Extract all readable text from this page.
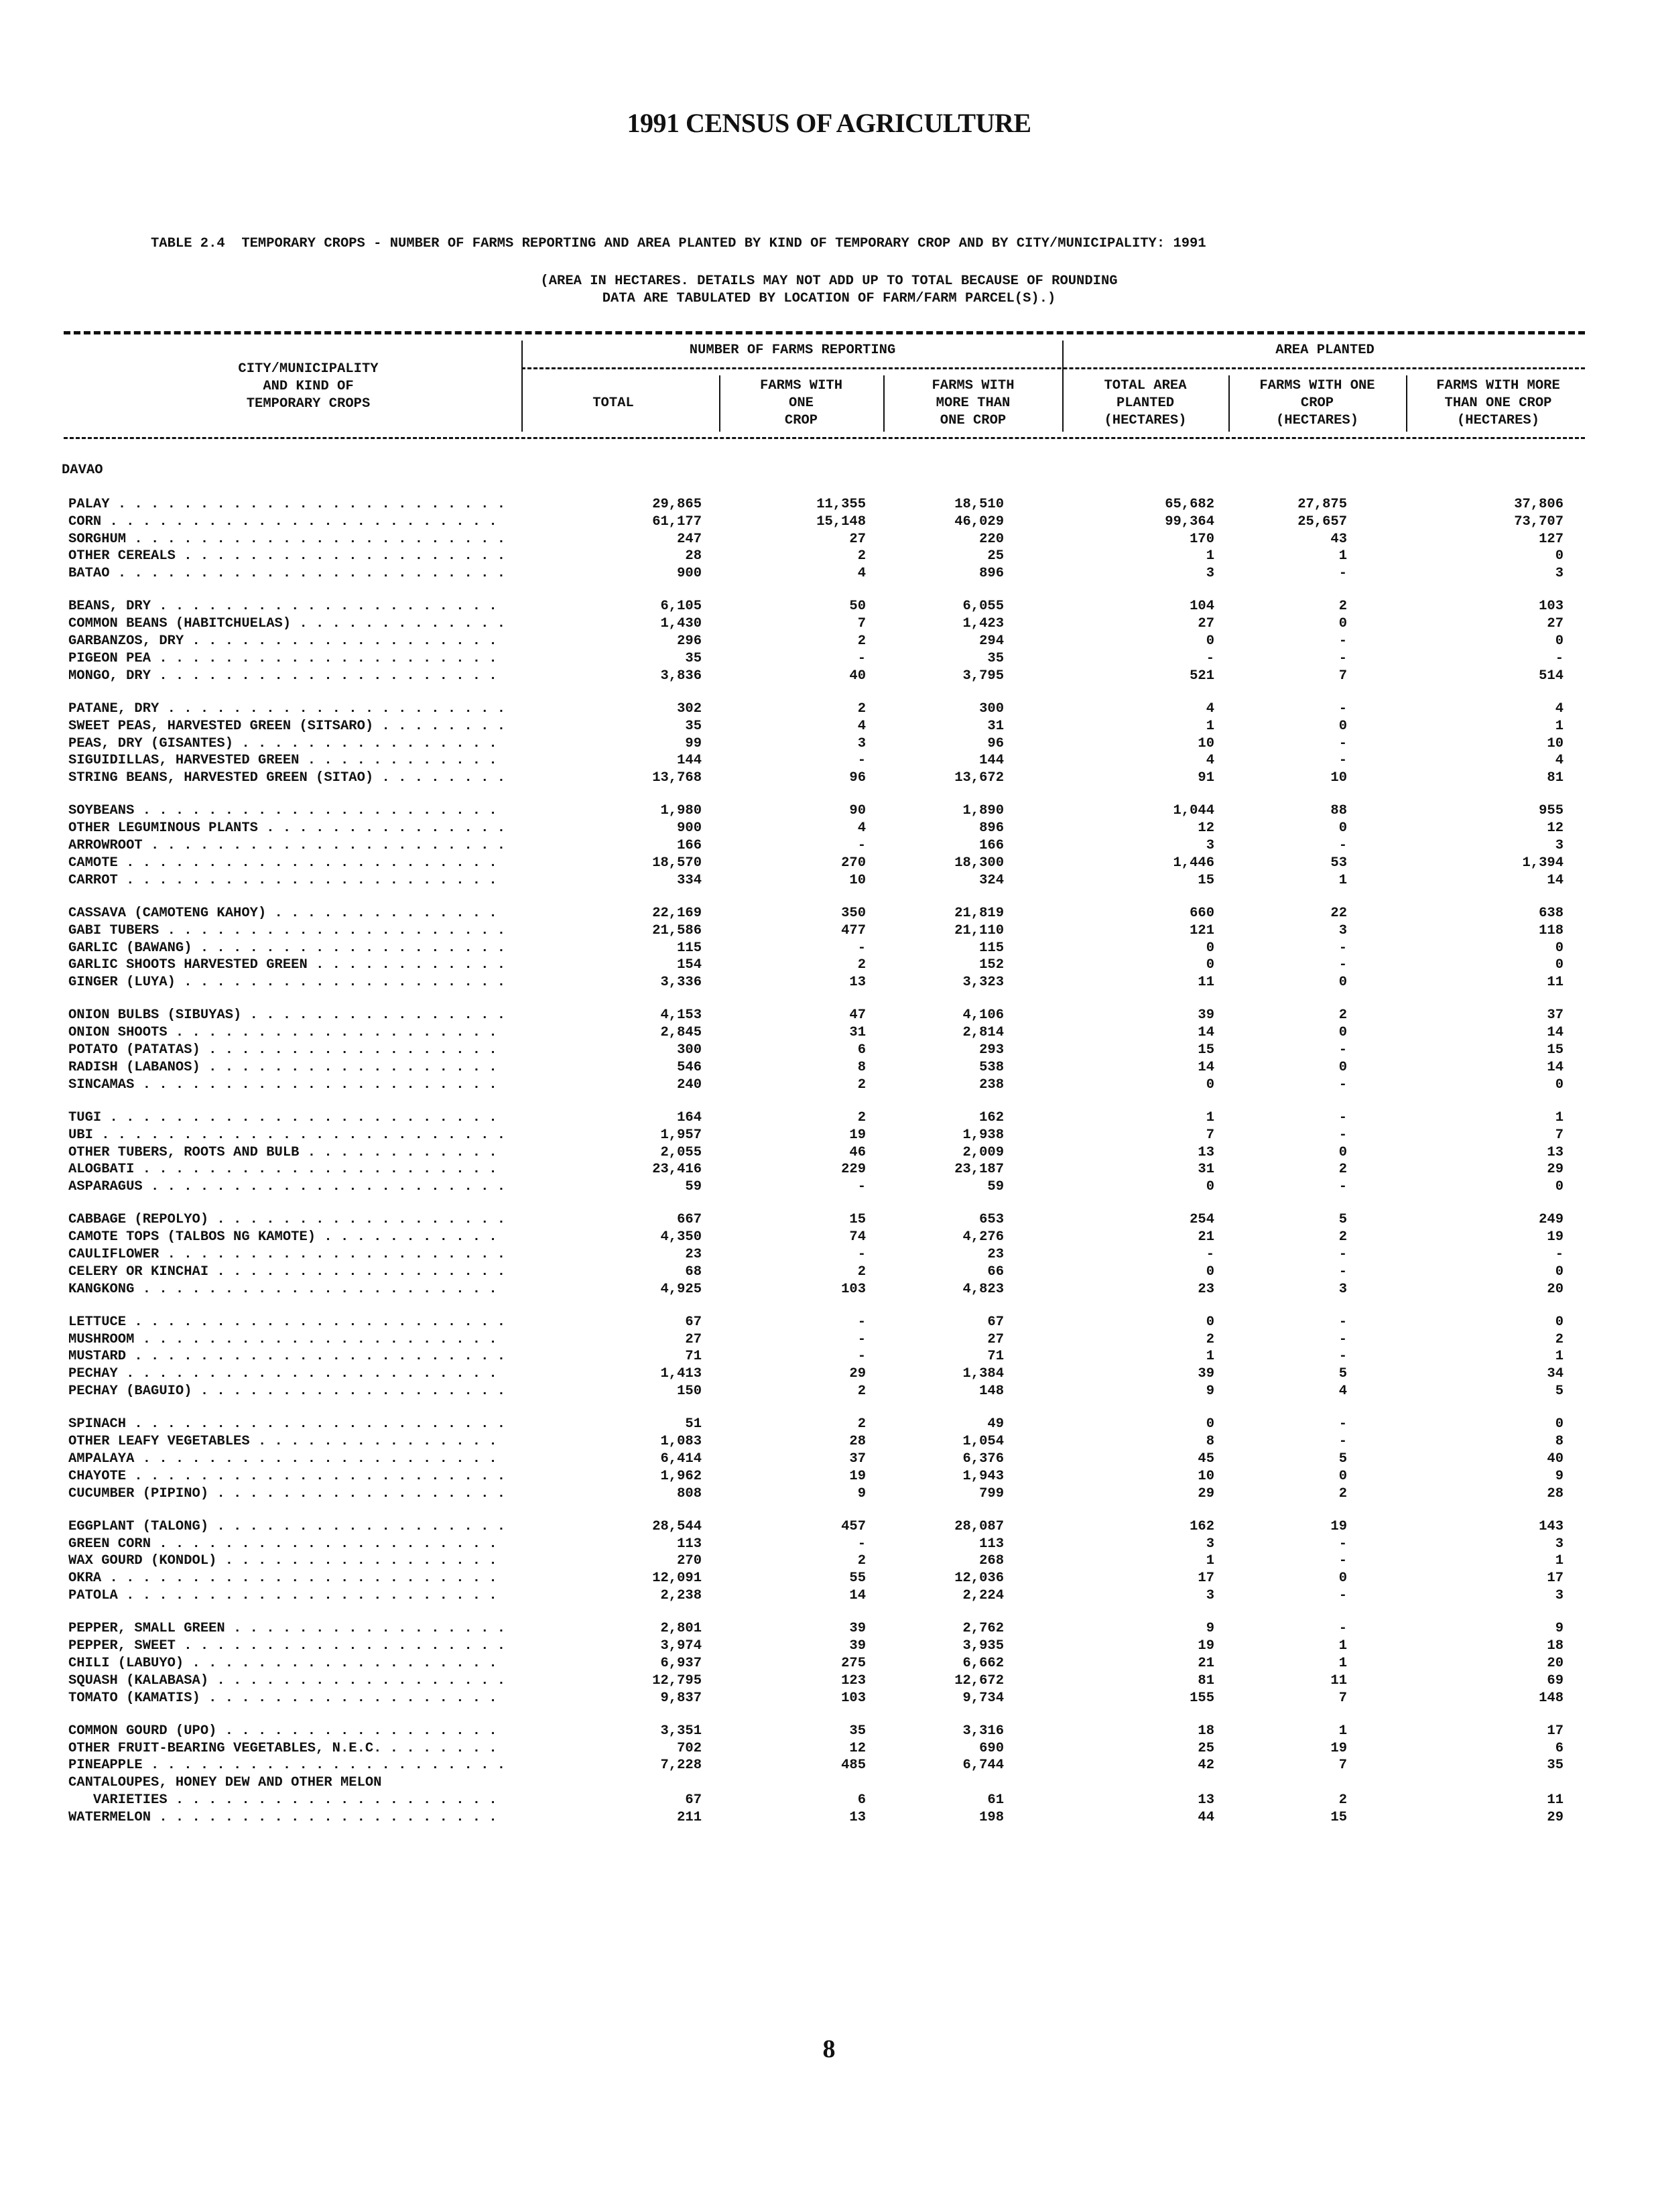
1991 CENSUS OF AGRICULTURE
TABLE 2.4  TEMPORARY CROPS - NUMBER OF FARMS REPORTING AND AREA PLANTED BY KIND OF TEMPORARY CROP AND BY CITY/MUNICIPALITY: 1991
(AREA IN HECTARES. DETAILS MAY NOT ADD UP TO TOTAL BECAUSE OF ROUNDING
DATA ARE TABULATED BY LOCATION OF FARM/FARM PARCEL(S).)
CITY/MUNICIPALITY
AND KIND OF
TEMPORARY CROPS
NUMBER OF FARMS REPORTING	AREA PLANTED
TOTAL
FARMS WITH
ONE
CROP
FARMS WITH
MORE THAN
ONE CROP
TOTAL AREA
PLANTED
(HECTARES)
FARMS WITH ONE
CROP
(HECTARES)
FARMS WITH MORE
THAN ONE CROP
(HECTARES)
DAVAO
PALAY . . .	29,865	11,355	18,510	65,682	27,875	37,806
CORN . . .	61,177	15,148	46,029	99,364	25,657	73,707
SORGHUM . . .	247	27	220	170	43	127
OTHER CEREALS . . .	28	2	25	1	1	0
BATAO . . .	900	4	896	3	-	3
BEANS, DRY . . .	6,105	50	6,055	104	2	103
COMMON BEANS (HABITCHUELAS) . . .	1,430	7	1,423	27	0	27
GARBANZOS, DRY . . .	296	2	294	0	-	0
PIGEON PEA . . .	35	-	35	-	-	-
MONGO, DRY . . .	3,836	40	3,795	521	7	514
PATANE, DRY . . .	302	2	300	4	-	4
SWEET PEAS, HARVESTED GREEN (SITSARO) . . .	35	4	31	1	0	1
PEAS, DRY (GISANTES) . . .	99	3	96	10	-	10
SIGUIDILLAS, HARVESTED GREEN . . .	144	-	144	4	-	4
STRING BEANS, HARVESTED GREEN (SITAO) . . .	13,768	96	13,672	91	10	81
SOYBEANS . . .	1,980	90	1,890	1,044	88	955
OTHER LEGUMINOUS PLANTS . . .	900	4	896	12	0	12
ARROWROOT . . .	166	-	166	3	-	3
CAMOTE . . .	18,570	270	18,300	1,446	53	1,394
CARROT . . .	334	10	324	15	1	14
CASSAVA (CAMOTENG KAHOY) . . .	22,169	350	21,819	660	22	638
GABI TUBERS . . .	21,586	477	21,110	121	3	118
GARLIC (BAWANG) . . .	115	-	115	0	-	0
GARLIC SHOOTS HARVESTED GREEN . . .	154	2	152	0	-	0
GINGER (LUYA) . . .	3,336	13	3,323	11	0	11
ONION BULBS (SIBUYAS) . . .	4,153	47	4,106	39	2	37
ONION SHOOTS . . .	2,845	31	2,814	14	0	14
POTATO (PATATAS) . . .	300	6	293	15	-	15
RADISH (LABANOS) . . .	546	8	538	14	0	14
SINCAMAS . . .	240	2	238	0	-	0
TUGI . . .	164	2	162	1	-	1
UBI . . .	1,957	19	1,938	7	-	7
OTHER TUBERS, ROOTS AND BULB . . .	2,055	46	2,009	13	0	13
ALOGBATI . . .	23,416	229	23,187	31	2	29
ASPARAGUS . . .	59	-	59	0	-	0
CABBAGE (REPOLYO) . . .	667	15	653	254	5	249
CAMOTE TOPS (TALBOS NG KAMOTE) . . .	4,350	74	4,276	21	2	19
CAULIFLOWER . . .	23	-	23	-	-	-
CELERY OR KINCHAI . . .	68	2	66	0	-	0
KANGKONG . . .	4,925	103	4,823	23	3	20
LETTUCE . . .	67	-	67	0	-	0
MUSHROOM . . .	27	-	27	2	-	2
MUSTARD . . .	71	-	71	1	-	1
PECHAY . . .	1,413	29	1,384	39	5	34
PECHAY (BAGUIO) . . .	150	2	148	9	4	5
SPINACH . . .	51	2	49	0	-	0
OTHER LEAFY VEGETABLES . . .	1,083	28	1,054	8	-	8
AMPALAYA . . .	6,414	37	6,376	45	5	40
CHAYOTE . . .	1,962	19	1,943	10	0	9
CUCUMBER (PIPINO) . . .	808	9	799	29	2	28
EGGPLANT (TALONG) . . .	28,544	457	28,087	162	19	143
GREEN CORN . . .	113	-	113	3	-	3
WAX GOURD (KONDOL) . . .	270	2	268	1	-	1
OKRA . . .	12,091	55	12,036	17	0	17
PATOLA . . .	2,238	14	2,224	3	-	3
PEPPER, SMALL GREEN . . .	2,801	39	2,762	9	-	9
PEPPER, SWEET . . .	3,974	39	3,935	19	1	18
CHILI (LABUYO) . . .	6,937	275	6,662	21	1	20
SQUASH (KALABASA) . . .	12,795	123	12,672	81	11	69
TOMATO (KAMATIS) . . .	9,837	103	9,734	155	7	148
COMMON GOURD (UPO) . . .	3,351	35	3,316	18	1	17
OTHER FRUIT-BEARING VEGETABLES, N.E.C. . . .	702	12	690	25	19	6
PINEAPPLE . . .	7,228	485	6,744	42	7	35
CANTALOUPES, HONEY DEW AND OTHER MELON
VARIETIES . . .	67	6	61	13	2	11
WATERMELON . . .	211	13	198	44	15	29
8
